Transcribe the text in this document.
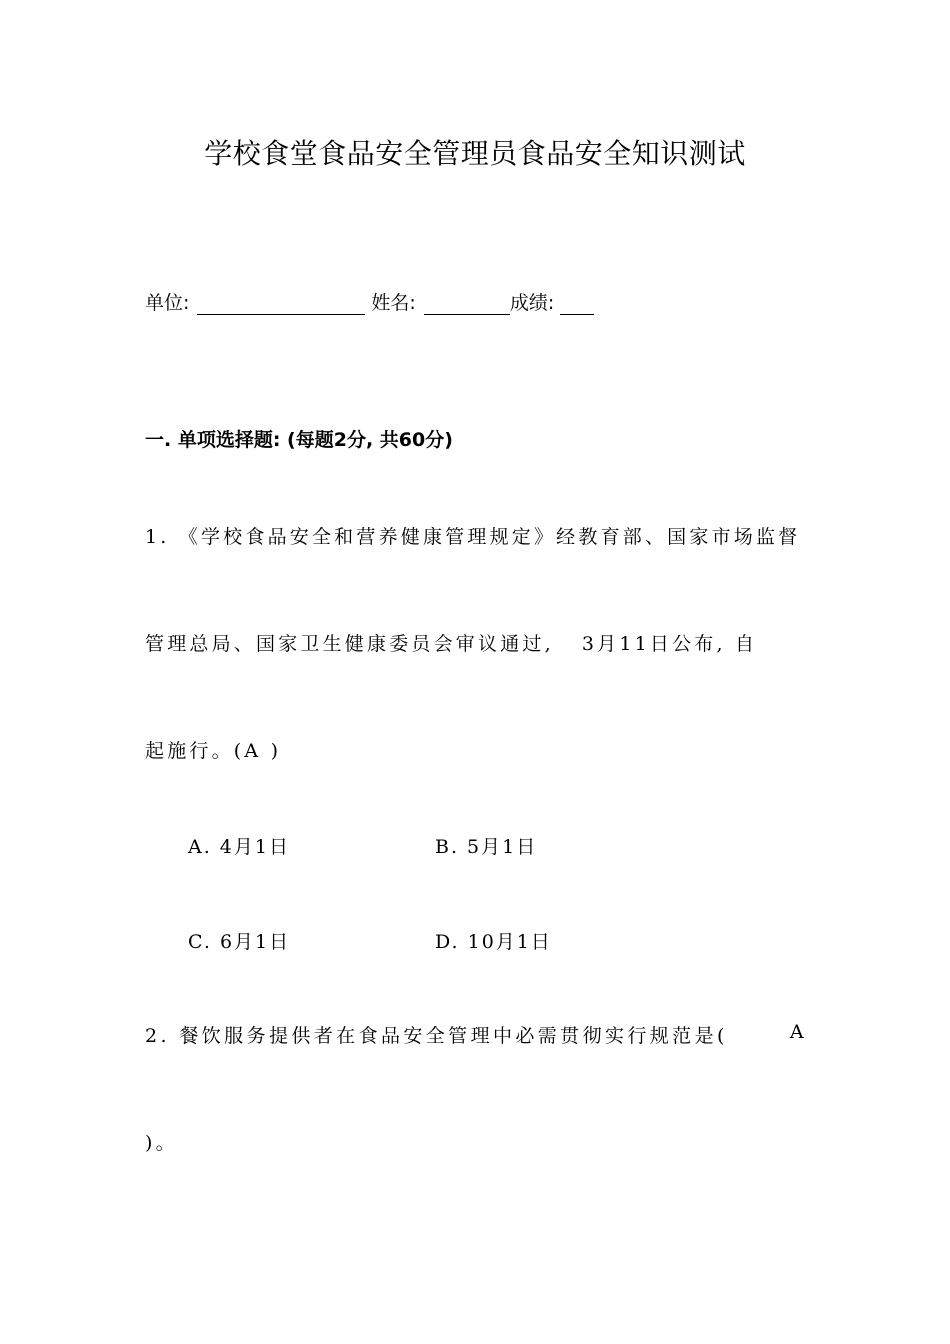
学校食堂食品安全管理员食品安全知识测试
单位:	姓名:	成绩:
一. 单项选择题: (每题2分, 共60分)
1. 《学校食品安全和营养健康管理规定》经教育部、国家市场监督
管理总局、国家卫生健康委员会审议通过, 3月11日公布, 自
起施行。(A )
A. 4月1日	B. 5月1日
C. 6月1日	D. 10月1日
2. 餐饮服务提供者在食品安全管理中必需贯彻实行规范是(	A
)。
